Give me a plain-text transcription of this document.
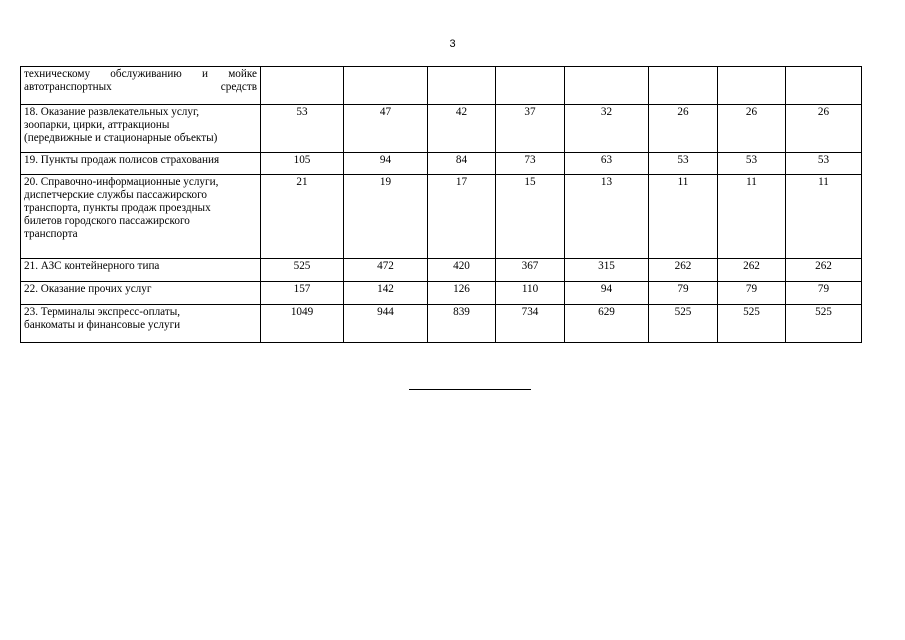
3
техническому обслуживанию и мойке
автотранспортных средств								

18. Оказание развлекательных услуг,
зоопарки, цирки, аттракционы
(передвижные и стационарные объекты)	53	47	42	37	32	26	26	26

19. Пункты продаж полисов страхования	105	94	84	73	63	53	53	53

20. Справочно-информационные услуги,
диспетчерские службы пассажирского
транспорта, пункты продаж проездных
билетов городского пассажирского
транспорта	21	19	17	15	13	11	11	11

21. АЗС контейнерного типа	525	472	420	367	315	262	262	262

22. Оказание прочих услуг	157	142	126	110	94	79	79	79

23. Терминалы экспресс-оплаты,
банкоматы и финансовые услуги	1049	944	839	734	629	525	525	525
